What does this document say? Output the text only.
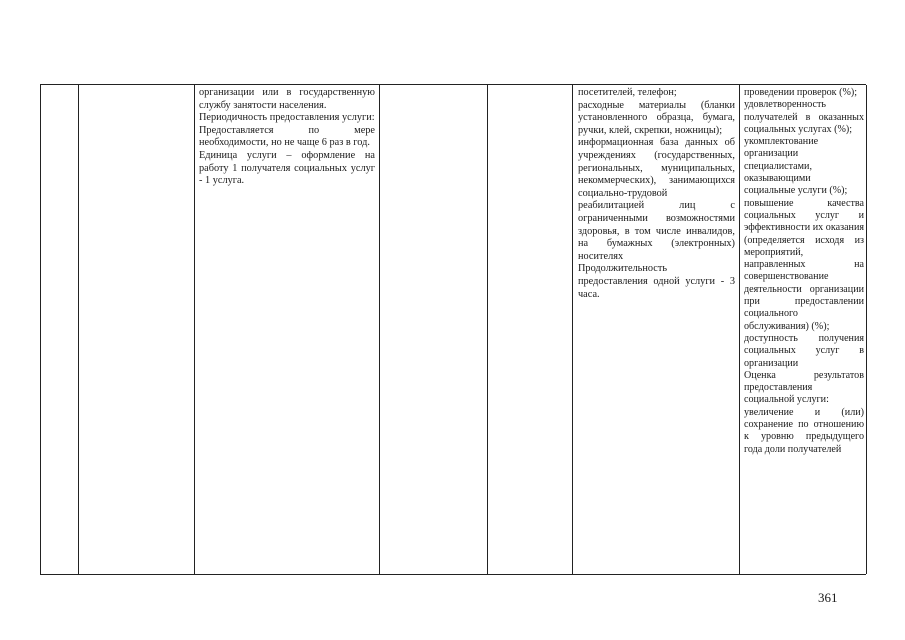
организации или в государственную службу занятости населения.

Периодичность предоставления услуги:

Предоставляется по мере необходимости, но не чаще 6 раз в год.

Единица услуги – оформление на работу 1 получателя социальных услуг - 1 услуга.

посетителей, телефон;

расходные материалы (бланки установленного образца, бумага, ручки, клей, скрепки, ножницы);

информационная база данных об учреждениях (государственных, региональных, муниципальных, некоммерческих), занимающихся социально-трудовой реабилитацией лиц с ограниченными возможностями здоровья, в том числе инвалидов, на бумажных (электронных) носителях

Продолжительность предоставления одной услуги - 3 часа.

проведении проверок (%);

удовлетворенность получателей в оказанных социальных услугах (%);

укомплектование организации специалистами, оказывающими социальные услуги (%);

повышение качества социальных услуг и эффективности их оказания (определяется исходя из мероприятий, направленных на совершенствование деятельности организации при предоставлении социального обслуживания) (%);

доступность получения социальных услуг в организации

Оценка результатов предоставления социальной услуги:

увеличение и (или) сохранение по отношению к уровню предыдущего года доли получателей

361
